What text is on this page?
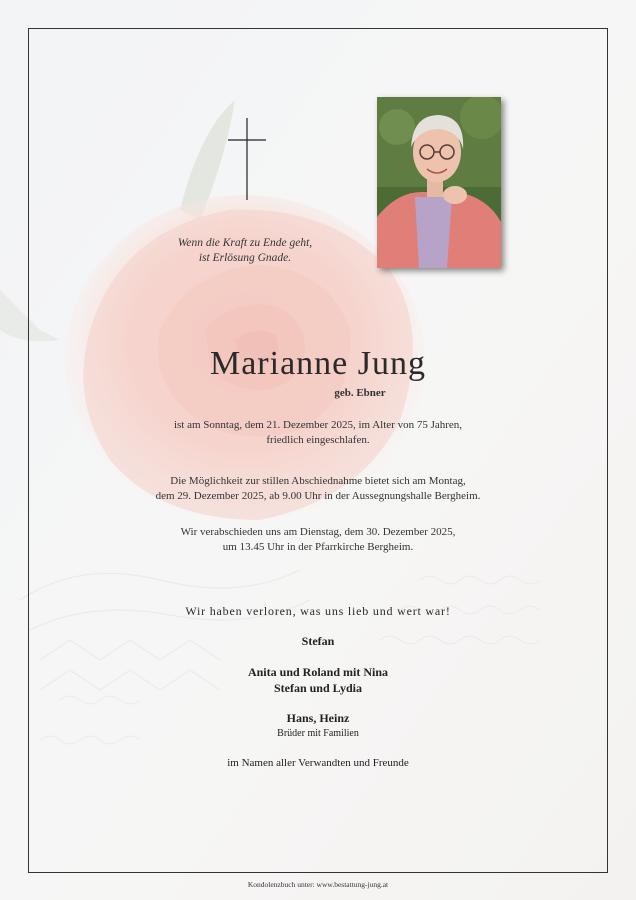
Wenn die Kraft zu Ende geht,
ist Erlösung Gnade.
Marianne Jung
geb. Ebner
ist am Sonntag, dem 21. Dezember 2025, im Alter von 75 Jahren,
friedlich eingeschlafen.
Die Möglichkeit zur stillen Abschiednahme bietet sich am Montag,
dem 29. Dezember 2025, ab 9.00 Uhr in der Aussegnungshalle Bergheim.
Wir verabschieden uns am Dienstag, dem 30. Dezember 2025,
um 13.45 Uhr in der Pfarrkirche Bergheim.
Wir haben verloren, was uns lieb und wert war!
Stefan
Anita und Roland mit Nina
Stefan und Lydia
Hans, Heinz
Brüder mit Familien
im Namen aller Verwandten und Freunde
Kondolenzbuch unter: www.bestattung-jung.at
